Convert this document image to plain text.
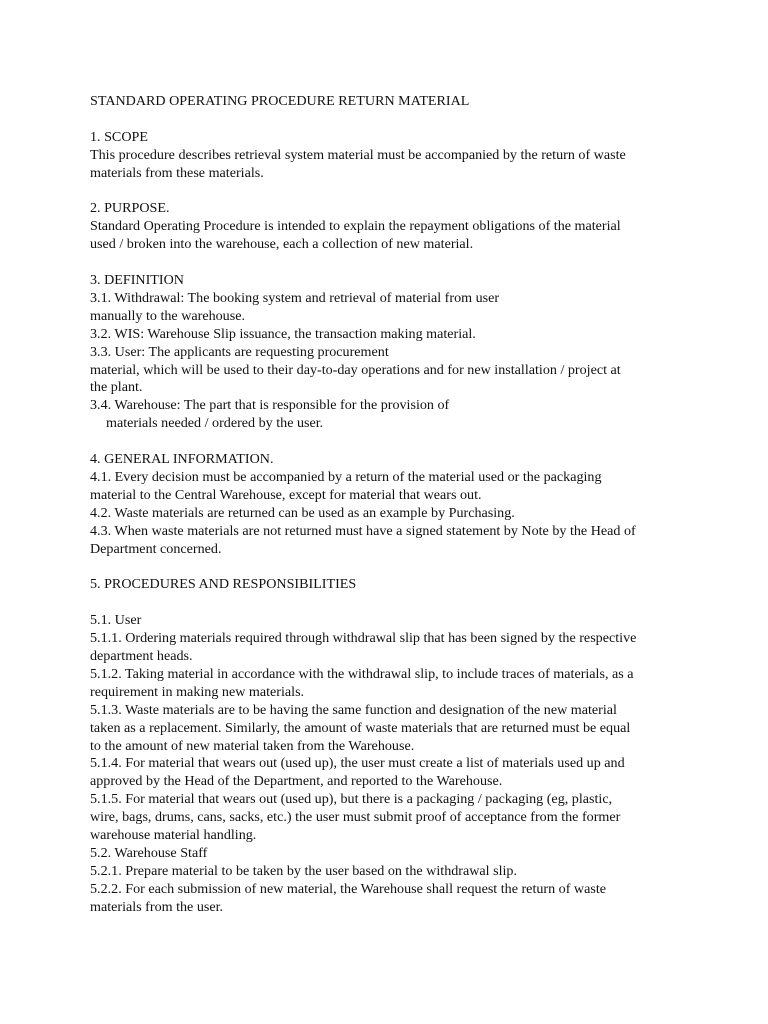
STANDARD OPERATING PROCEDURE RETURN MATERIAL
1. SCOPE
This procedure describes retrieval system material must be accompanied by the return of waste
materials from these materials.
2. PURPOSE.
Standard Operating Procedure is intended to explain the repayment obligations of the material
used / broken into the warehouse, each a collection of new material.
3. DEFINITION
3.1. Withdrawal: The booking system and retrieval of material from user
manually to the warehouse.
3.2. WIS: Warehouse Slip issuance, the transaction making material.
3.3. User: The applicants are requesting procurement
material, which will be used to their day-to-day operations and for new installation / project at
the plant.
3.4. Warehouse: The part that is responsible for the provision of
materials needed / ordered by the user.
4. GENERAL INFORMATION.
4.1. Every decision must be accompanied by a return of the material used or the packaging
material to the Central Warehouse, except for material that wears out.
4.2. Waste materials are returned can be used as an example by Purchasing.
4.3. When waste materials are not returned must have a signed statement by Note by the Head of
Department concerned.
5. PROCEDURES AND RESPONSIBILITIES
5.1. User
5.1.1. Ordering materials required through withdrawal slip that has been signed by the respective
department heads.
5.1.2. Taking material in accordance with the withdrawal slip, to include traces of materials, as a
requirement in making new materials.
5.1.3. Waste materials are to be having the same function and designation of the new material
taken as a replacement. Similarly, the amount of waste materials that are returned must be equal
to the amount of new material taken from the Warehouse.
5.1.4. For material that wears out (used up), the user must create a list of materials used up and
approved by the Head of the Department, and reported to the Warehouse.
5.1.5. For material that wears out (used up), but there is a packaging / packaging (eg, plastic,
wire, bags, drums, cans, sacks, etc.) the user must submit proof of acceptance from the former
warehouse material handling.
5.2. Warehouse Staff
5.2.1. Prepare material to be taken by the user based on the withdrawal slip.
5.2.2. For each submission of new material, the Warehouse shall request the return of waste
materials from the user.
